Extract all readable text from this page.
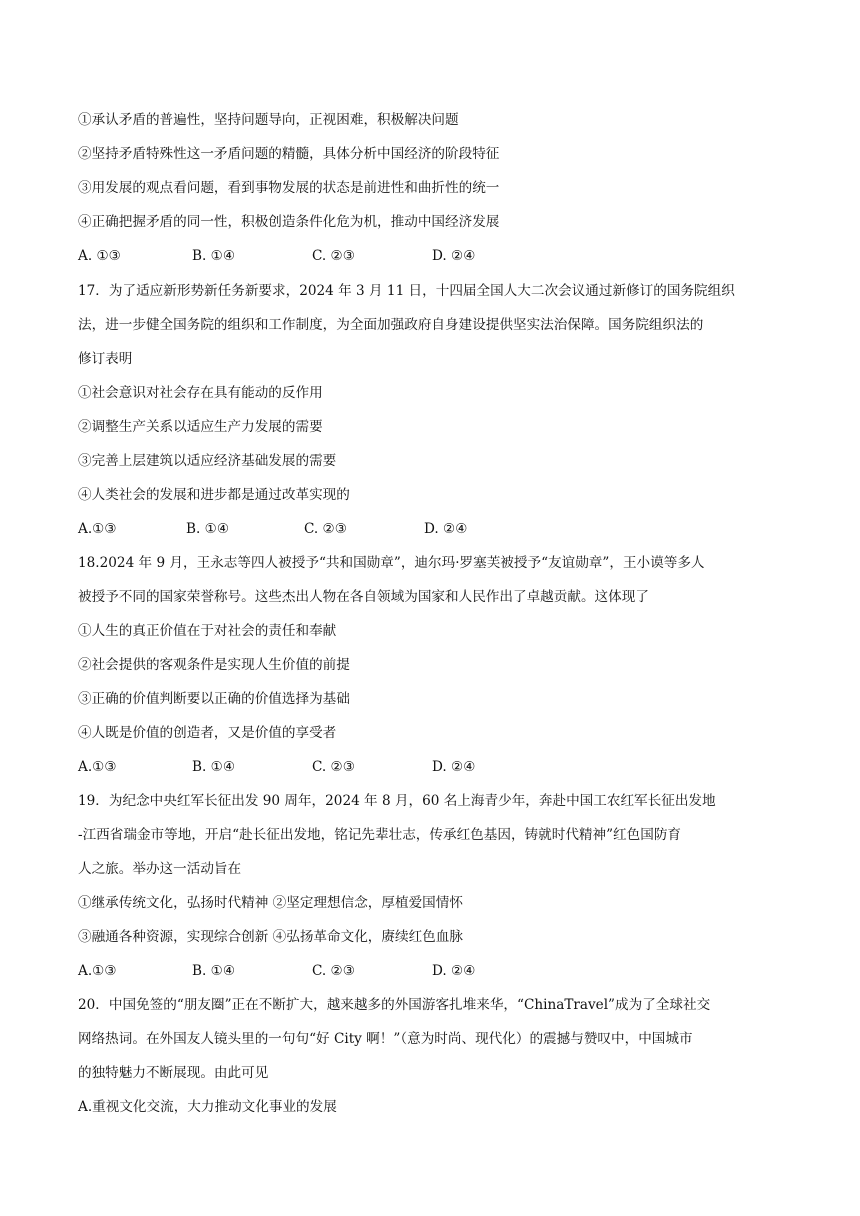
①承认矛盾的普遍性，坚持问题导向，正视困难，积极解决问题
②坚持矛盾特殊性这一矛盾问题的精髓，具体分析中国经济的阶段特征
③用发展的观点看问题，看到事物发展的状态是前进性和曲折性的统一
④正确把握矛盾的同一性，积极创造条件化危为机，推动中国经济发展
A. ①③	B. ①④	C. ②③	D. ②④
17．为了适应新形势新任务新要求，2024 年 3 月 11 日，十四届全国人大二次会议通过新修订的国务院组织
法，进一步健全国务院的组织和工作制度，为全面加强政府自身建设提供坚实法治保障。国务院组织法的
修订表明
①社会意识对社会存在具有能动的反作用
②调整生产关系以适应生产力发展的需要
③完善上层建筑以适应经济基础发展的需要
④人类社会的发展和进步都是通过改革实现的
A.①③	B. ①④	C. ②③	D. ②④
18.2024 年 9 月，王永志等四人被授予“共和国勋章”，迪尔玛·罗塞芙被授予“友谊勋章”，王小谟等多人
被授予不同的国家荣誉称号。这些杰出人物在各自领域为国家和人民作出了卓越贡献。这体现了
①人生的真正价值在于对社会的责任和奉献
②社会提供的客观条件是实现人生价值的前提
③正确的价值判断要以正确的价值选择为基础
④人既是价值的创造者，又是价值的享受者
A.①③	B. ①④	C. ②③	D. ②④
19．为纪念中央红军长征出发 90 周年，2024 年 8 月，60 名上海青少年，奔赴中国工农红军长征出发地
-江西省瑞金市等地，开启“赴长征出发地，铭记先辈壮志，传承红色基因，铸就时代精神”红色国防育
人之旅。举办这一活动旨在
①继承传统文化，弘扬时代精神 ②坚定理想信念，厚植爱国情怀
③融通各种资源，实现综合创新 ④弘扬革命文化，赓续红色血脉
A.①③	B. ①④	C. ②③	D. ②④
20．中国免签的“朋友圈”正在不断扩大，越来越多的外国游客扎堆来华，“ChinaTravel”成为了全球社交
网络热词。在外国友人镜头里的一句句“好 City 啊！”（意为时尚、现代化）的震撼与赞叹中，中国城市
的独特魅力不断展现。由此可见
A.重视文化交流，大力推动文化事业的发展
